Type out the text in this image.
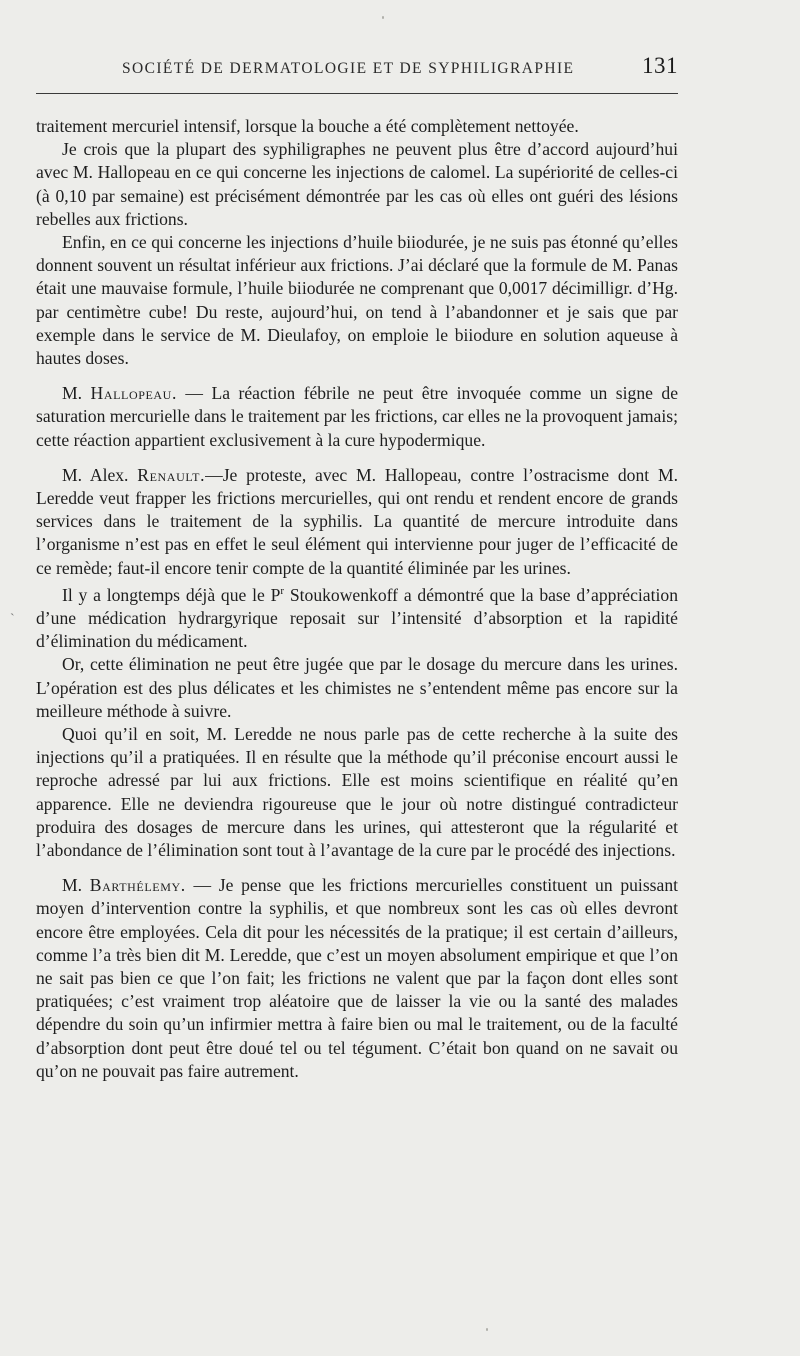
SOCIÉTÉ DE DERMATOLOGIE ET DE SYPHILIGRAPHIE	131
`

traitement mercuriel intensif, lorsque la bouche a été complètement nettoyée.

Je crois que la plupart des syphiligraphes ne peuvent plus être d’accord aujourd’hui avec M. Hallopeau en ce qui concerne les injections de calomel. La supériorité de celles-ci (à 0,10 par semaine) est précisément démontrée par les cas où elles ont guéri des lésions rebelles aux frictions.

Enfin, en ce qui concerne les injections d’huile biiodurée, je ne suis pas étonné qu’elles donnent souvent un résultat inférieur aux frictions. J’ai déclaré que la formule de M. Panas était une mauvaise formule, l’huile biiodurée ne comprenant que 0,0017 décimilligr. d’Hg. par centimètre cube! Du reste, aujourd’hui, on tend à l’abandonner et je sais que par exemple dans le service de M. Dieulafoy, on emploie le biiodure en solution aqueuse à hautes doses.

M. Hallopeau. — La réaction fébrile ne peut être invoquée comme un signe de saturation mercurielle dans le traitement par les frictions, car elles ne la provoquent jamais; cette réaction appartient exclusivement à la cure hypodermique.

M. Alex. Renault.—Je proteste, avec M. Hallopeau, contre l’ostracisme dont M. Leredde veut frapper les frictions mercurielles, qui ont rendu et rendent encore de grands services dans le traitement de la syphilis. La quantité de mercure introduite dans l’organisme n’est pas en effet le seul élément qui intervienne pour juger de l’efficacité de ce remède; faut-il encore tenir compte de la quantité éliminée par les urines.

Il y a longtemps déjà que le $P^r$ Stoukowenkoff a démontré que la base d’appréciation d’une médication hydrargyrique reposait sur l’intensité d’absorption et la rapidité d’élimination du médicament.

Or, cette élimination ne peut être jugée que par le dosage du mercure dans les urines. L’opération est des plus délicates et les chimistes ne s’entendent même pas encore sur la meilleure méthode à suivre.

Quoi qu’il en soit, M. Leredde ne nous parle pas de cette recherche à la suite des injections qu’il a pratiquées. Il en résulte que la méthode qu’il préconise encourt aussi le reproche adressé par lui aux frictions. Elle est moins scientifique en réalité qu’en apparence. Elle ne deviendra rigoureuse que le jour où notre distingué contradicteur produira des dosages de mercure dans les urines, qui attesteront que la régularité et l’abondance de l’élimination sont tout à l’avantage de la cure par le procédé des injections.

M. Barthélemy. — Je pense que les frictions mercurielles constituent un puissant moyen d’intervention contre la syphilis, et que nombreux sont les cas où elles devront encore être employées. Cela dit pour les nécessités de la pratique; il est certain d’ailleurs, comme l’a très bien dit M. Leredde, que c’est un moyen absolument empirique et que l’on ne sait pas bien ce que l’on fait; les frictions ne valent que par la façon dont elles sont pratiquées; c’est vraiment trop aléatoire que de laisser la vie ou la santé des malades dépendre du soin qu’un infirmier mettra à faire bien ou mal le traitement, ou de la faculté d’absorption dont peut être doué tel ou tel tégument. C’était bon quand on ne savait ou qu’on ne pouvait pas faire autrement.
